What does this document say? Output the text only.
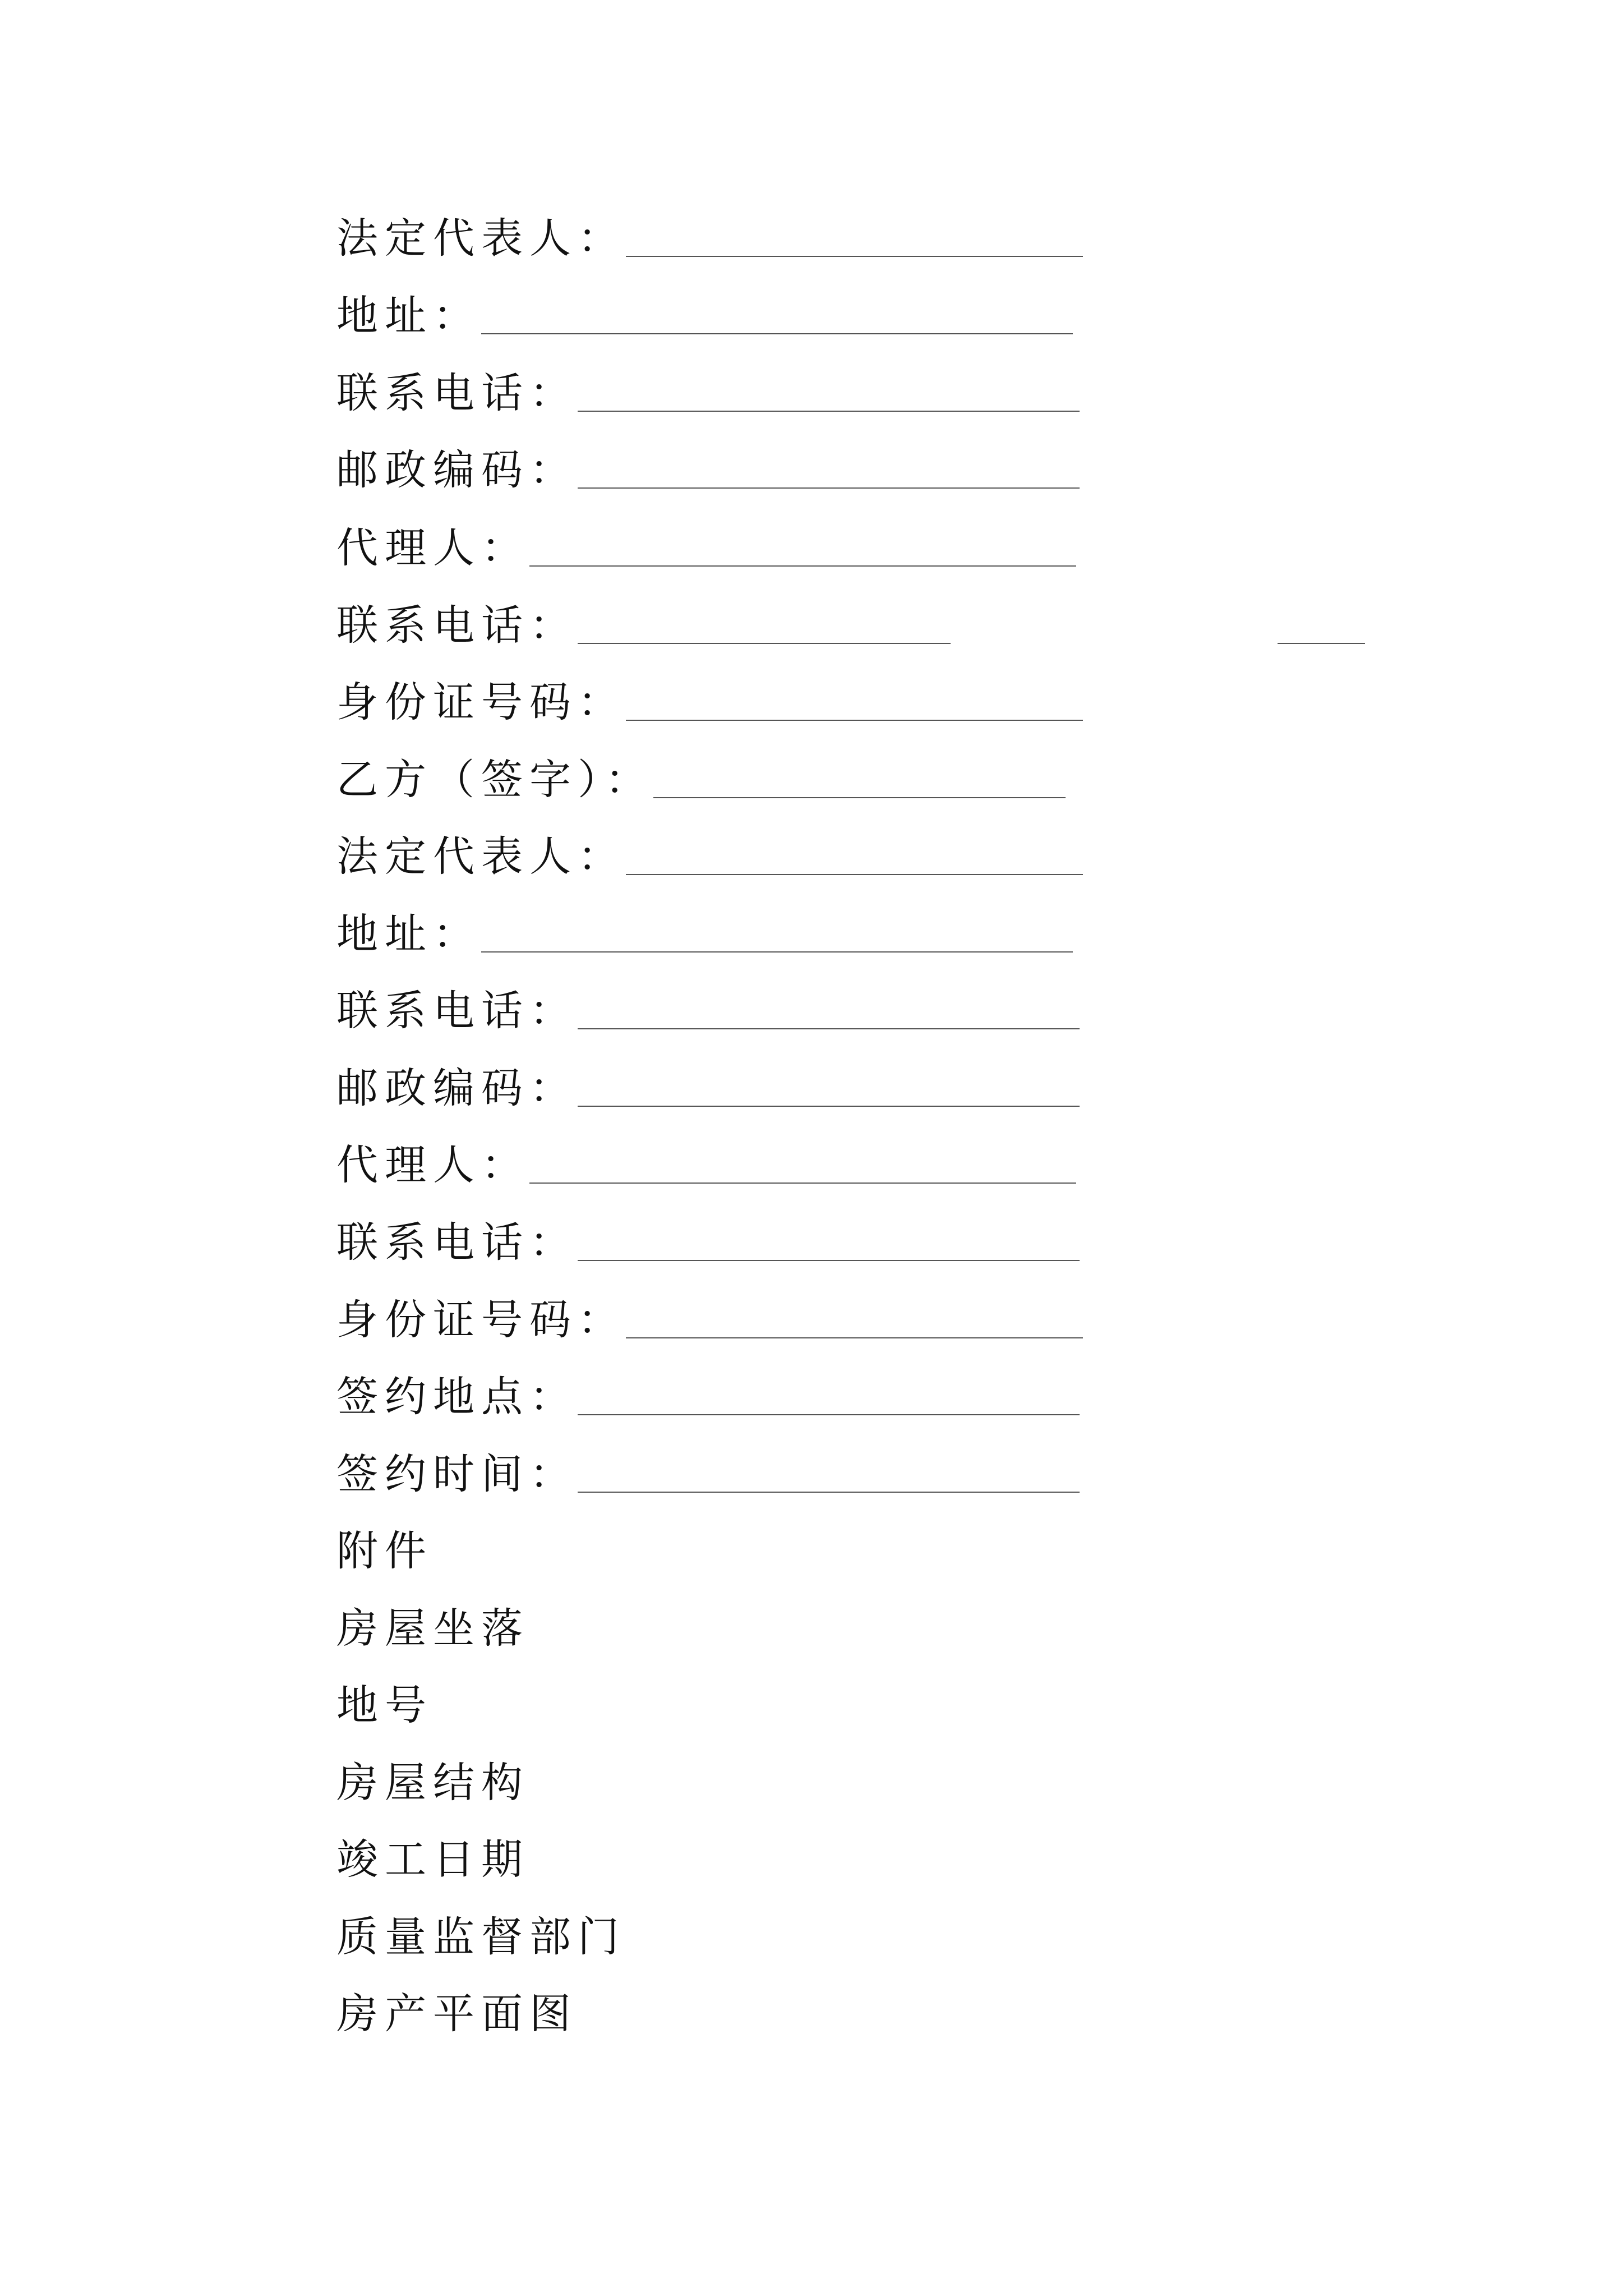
法定代表人：
地址：
联系电话：
邮政编码：
代理人：
联系电话：
身份证号码：
乙方（签字）：
法定代表人：
地址：
联系电话：
邮政编码：
代理人：
联系电话：
身份证号码：
签约地点：
签约时间：
附件
房屋坐落
地号
房屋结构
竣工日期
质量监督部门
房产平面图
